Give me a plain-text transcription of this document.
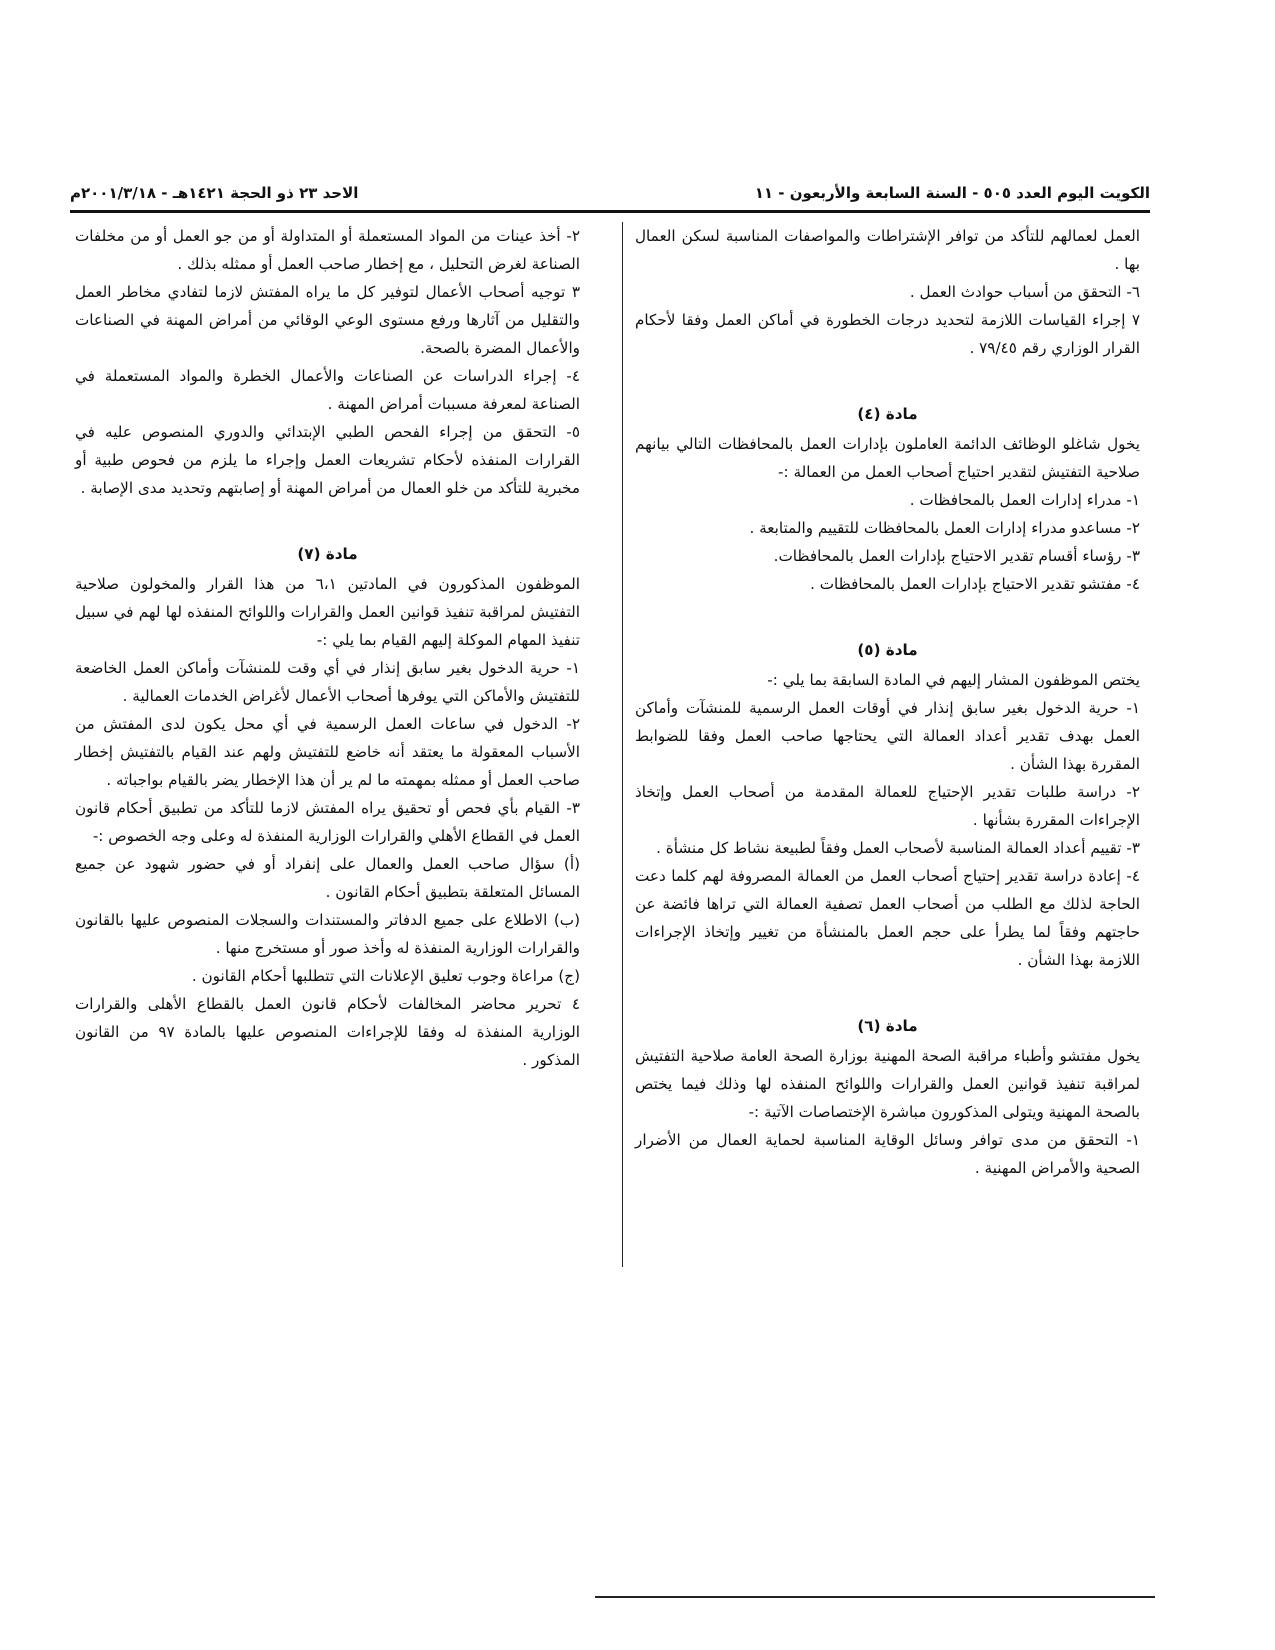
الكويت اليوم العدد ٥٠٥ - السنة السابعة والأربعون - ١١
الاحد ٢٣ ذو الحجة ١٤٢١هـ - ٢٠٠١/٣/١٨م

العمل لعمالهم للتأكد من توافر الإشتراطات والمواصفات المناسبة لسكن العمال بها .

٦- التحقق من أسباب حوادث العمل .

٧ إجراء القياسات اللازمة لتحديد درجات الخطورة في أماكن العمل وفقا لأحكام القرار الوزاري رقم ٧٩/٤٥ .

مادة (٤)

يخول شاغلو الوظائف الدائمة العاملون بإدارات العمل بالمحافظات التالي بيانهم صلاحية التفتيش لتقدير احتياج أصحاب العمل من العمالة :-

١- مدراء إدارات العمل بالمحافظات .

٢- مساعدو مدراء إدارات العمل بالمحافظات للتقييم والمتابعة .

٣- رؤساء أقسام تقدير الاحتياج بإدارات العمل بالمحافظات.

٤- مفتشو تقدير الاحتياج بإدارات العمل بالمحافظات .

مادة (٥)

يختص الموظفون المشار إليهم في المادة السابقة بما يلي :-

١- حرية الدخول بغير سابق إنذار في أوقات العمل الرسمية للمنشآت وأماكن العمل بهدف تقدير أعداد العمالة التي يحتاجها صاحب العمل وفقا للضوابط المقررة بهذا الشأن .

٢- دراسة طلبات تقدير الإحتياج للعمالة المقدمة من أصحاب العمل وإتخاذ الإجراءات المقررة بشأنها .

٣- تقييم أعداد العمالة المناسبة لأصحاب العمل وفقاً لطبيعة نشاط كل منشأة .

٤- إعادة دراسة تقدير إحتياج أصحاب العمل من العمالة المصروفة لهم كلما دعت الحاجة لذلك مع الطلب من أصحاب العمل تصفية العمالة التي تراها فائضة عن حاجتهم وفقاً لما يطرأ على حجم العمل بالمنشأة من تغيير وإتخاذ الإجراءات اللازمة بهذا الشأن .

مادة (٦)

يخول مفتشو وأطباء مراقبة الصحة المهنية بوزارة الصحة العامة صلاحية التفتيش لمراقبة تنفيذ قوانين العمل والقرارات واللوائح المنفذه لها وذلك فيما يختص بالصحة المهنية ويتولى المذكورون مباشرة الإختصاصات الآتية :-

١- التحقق من مدى توافر وسائل الوقاية المناسبة لحماية العمال من الأضرار الصحية والأمراض المهنية .

٢- أخذ عينات من المواد المستعملة أو المتداولة أو من جو العمل أو من مخلفات الصناعة لغرض التحليل ، مع إخطار صاحب العمل أو ممثله بذلك .

٣ توجيه أصحاب الأعمال لتوفير كل ما يراه المفتش لازما لتفادي مخاطر العمل والتقليل من آثارها ورفع مستوى الوعي الوقائي من أمراض المهنة في الصناعات والأعمال المضرة بالصحة.

٤- إجراء الدراسات عن الصناعات والأعمال الخطرة والمواد المستعملة في الصناعة لمعرفة مسببات أمراض المهنة .

٥- التحقق من إجراء الفحص الطبي الإبتدائي والدوري المنصوص عليه في القرارات المنفذه لأحكام تشريعات العمل وإجراء ما يلزم من فحوص طبية أو مخبرية للتأكد من خلو العمال من أمراض المهنة أو إصابتهم وتحديد مدى الإصابة .

مادة (٧)

الموظفون المذكورون في المادتين ٦،١ من هذا القرار والمخولون صلاحية التفتيش لمراقبة تنفيذ قوانين العمل والقرارات واللوائح المنفذه لها لهم في سبيل تنفيذ المهام الموكلة إليهم القيام بما يلي :-

١- حرية الدخول بغير سابق إنذار في أي وقت للمنشآت وأماكن العمل الخاضعة للتفتيش والأماكن التي يوفرها أصحاب الأعمال لأغراض الخدمات العمالية .

٢- الدخول في ساعات العمل الرسمية في أي محل يكون لدى المفتش من الأسباب المعقولة ما يعتقد أنه خاضع للتفتيش ولهم عند القيام بالتفتيش إخطار صاحب العمل أو ممثله بمهمته ما لم ير أن هذا الإخطار يضر بالقيام بواجباته .

٣- القيام بأي فحص أو تحقيق يراه المفتش لازما للتأكد من تطبيق أحكام قانون العمل في القطاع الأهلي والقرارات الوزارية المنفذة له وعلى وجه الخصوص :-

(أ) سؤال صاحب العمل والعمال على إنفراد أو في حضور شهود عن جميع المسائل المتعلقة بتطبيق أحكام القانون .

(ب) الاطلاع على جميع الدفاتر والمستندات والسجلات المنصوص عليها بالقانون والقرارات الوزارية المنفذة له وأخذ صور أو مستخرج منها .

(ج) مراعاة وجوب تعليق الإعلانات التي تتطلبها أحكام القانون .

٤ تحرير محاضر المخالفات لأحكام قانون العمل بالقطاع الأهلى والقرارات الوزارية المنفذة له وفقا للإجراءات المنصوص عليها بالمادة ٩٧ من القانون المذكور .
